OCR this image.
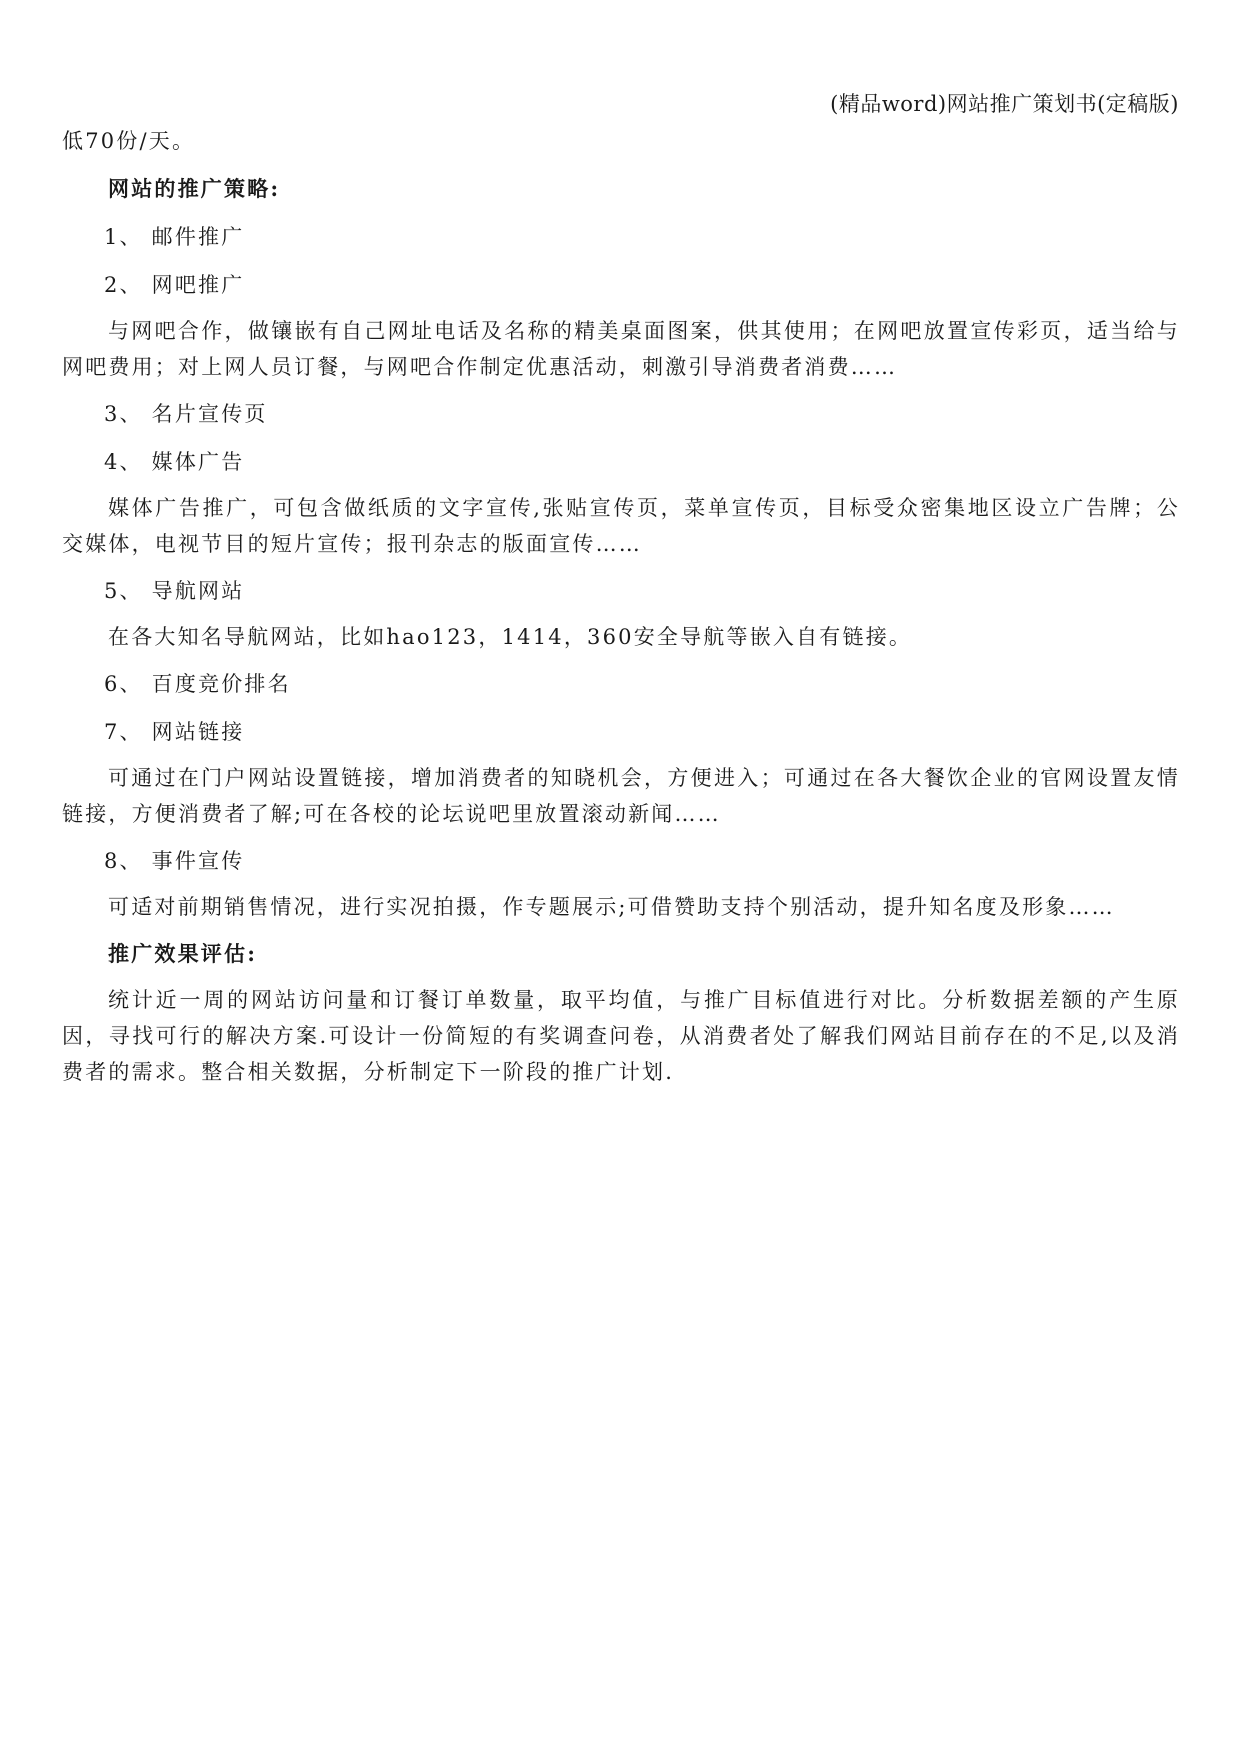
(精品word)网站推广策划书(定稿版)

低70份/天。

网站的推广策略:

1、 邮件推广

2、 网吧推广

与网吧合作，做镶嵌有自己网址电话及名称的精美桌面图案，供其使用；在网吧放置宣传彩页，适当给与网吧费用；对上网人员订餐，与网吧合作制定优惠活动，刺激引导消费者消费……

3、 名片宣传页

4、 媒体广告

媒体广告推广，可包含做纸质的文字宣传,张贴宣传页，菜单宣传页，目标受众密集地区设立广告牌；公交媒体，电视节目的短片宣传；报刊杂志的版面宣传……

5、 导航网站

在各大知名导航网站，比如hao123，1414，360安全导航等嵌入自有链接。

6、 百度竞价排名

7、 网站链接

可通过在门户网站设置链接，增加消费者的知晓机会，方便进入；可通过在各大餐饮企业的官网设置友情链接，方便消费者了解;可在各校的论坛说吧里放置滚动新闻……

8、 事件宣传

可适对前期销售情况，进行实况拍摄，作专题展示;可借赞助支持个别活动，提升知名度及形象……

推广效果评估:

统计近一周的网站访问量和订餐订单数量，取平均值，与推广目标值进行对比。分析数据差额的产生原因，寻找可行的解决方案.可设计一份简短的有奖调查问卷，从消费者处了解我们网站目前存在的不足,以及消费者的需求。整合相关数据，分析制定下一阶段的推广计划.
